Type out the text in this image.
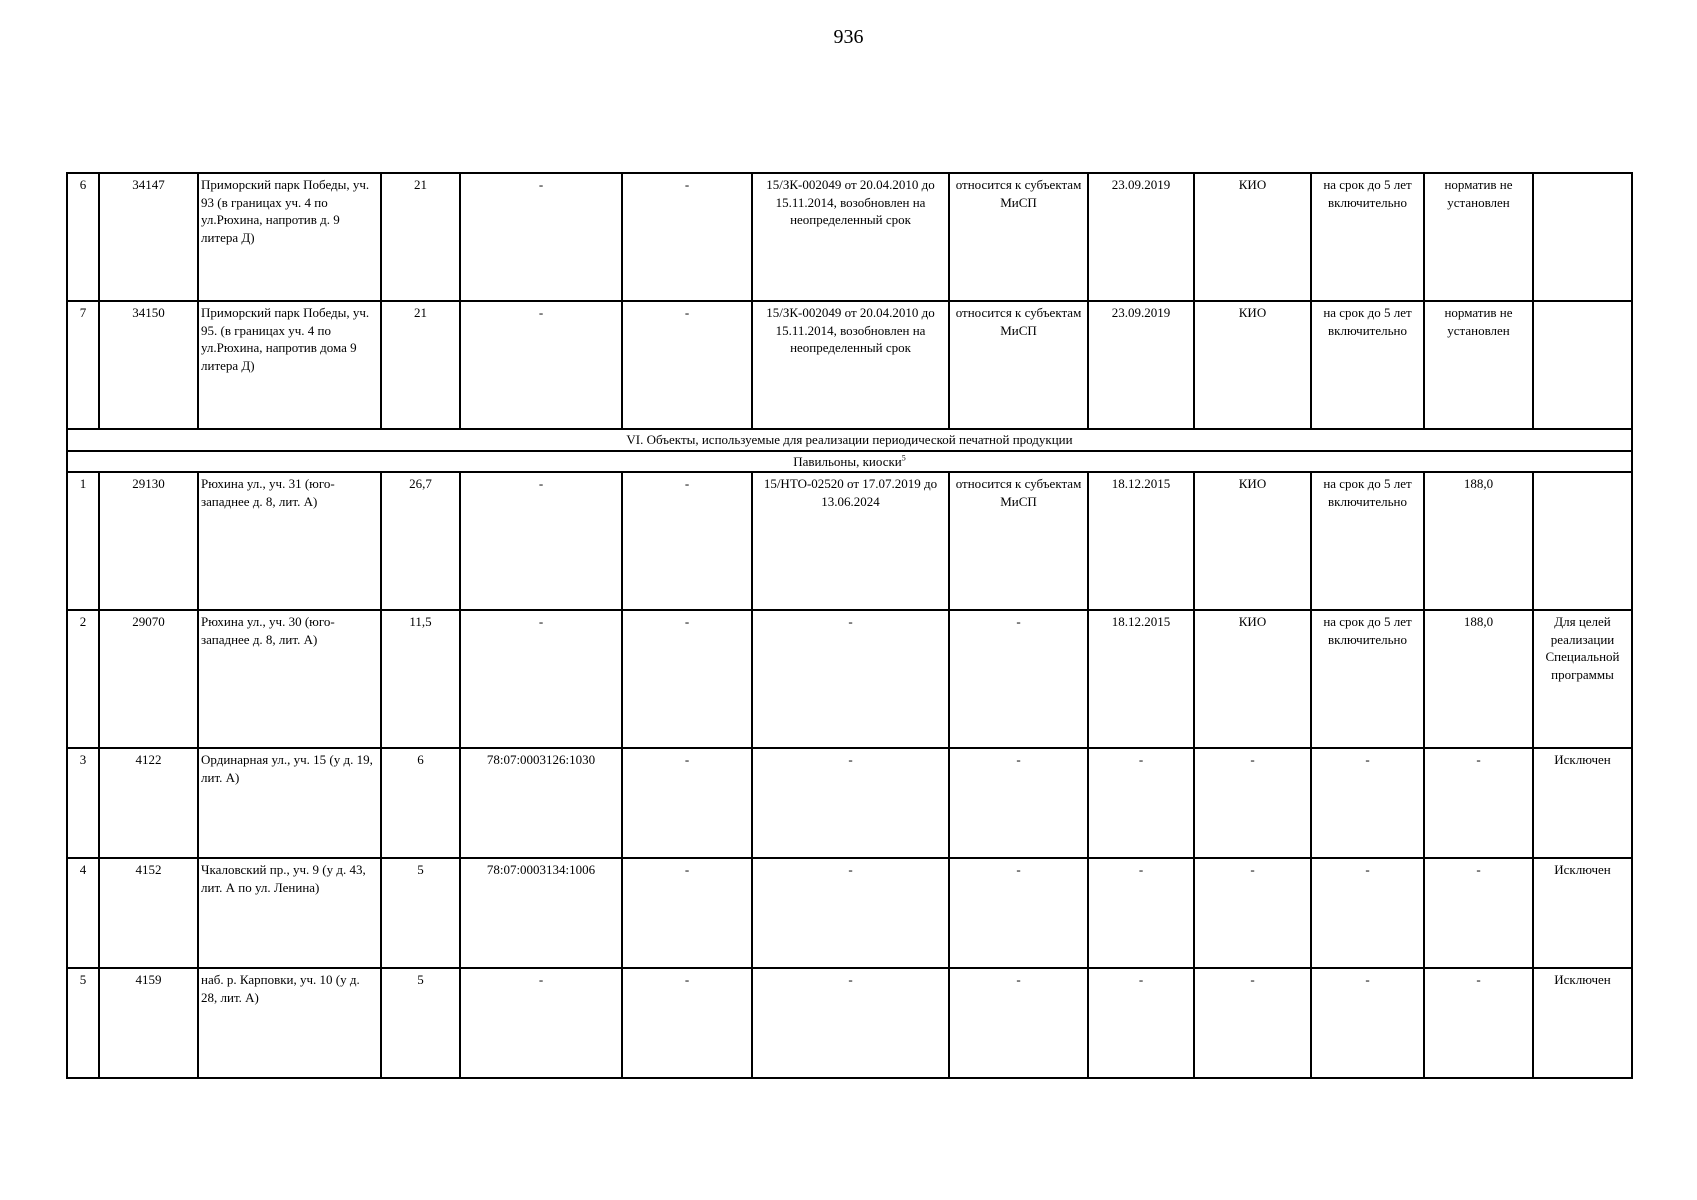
936
6	34147	Приморский парк Победы, уч. 93 (в границах уч. 4 по ул.Рюхина, напротив д. 9 литера Д)	21	-	-	15/ЗК-002049 от 20.04.2010 до 15.11.2014, возобновлен на неопределенный срок	относится к субъектам МиСП	23.09.2019	КИО	на срок до 5 лет включительно	норматив не установлен	
7	34150	Приморский парк Победы, уч. 95. (в границах уч. 4 по ул.Рюхина, напротив дома 9 литера Д)	21	-	-	15/ЗК-002049 от 20.04.2010 до 15.11.2014, возобновлен на неопределенный срок	относится к субъектам МиСП	23.09.2019	КИО	на срок до 5 лет включительно	норматив не установлен	
VI. Объекты, используемые для реализации периодической печатной продукции												
Павильоны, киоски$^5$
1	29130	Рюхина ул., уч. 31 (юго-западнее д. 8, лит. А)	26,7	-	-	15/НТО-02520 от 17.07.2019 до 13.06.2024	относится к субъектам МиСП	18.12.2015	КИО	на срок до 5 лет включительно	188,0	
2	29070	Рюхина ул., уч. 30 (юго-западнее д. 8, лит. А)	11,5	-	-	-	-	18.12.2015	КИО	на срок до 5 лет включительно	188,0	Для целей реализации Специальной программы
3	4122	Ординарная ул., уч. 15 (у д. 19, лит. А)	6	78:07:0003126:1030	-	-	-	-	-	-	-	Исключен
4	4152	Чкаловский пр., уч. 9 (у д. 43, лит. А по ул. Ленина)	5	78:07:0003134:1006	-	-	-	-	-	-	-	Исключен
5	4159	наб. р. Карповки, уч. 10 (у д. 28, лит. А)	5	-	-	-	-	-	-	-	-	Исключен
